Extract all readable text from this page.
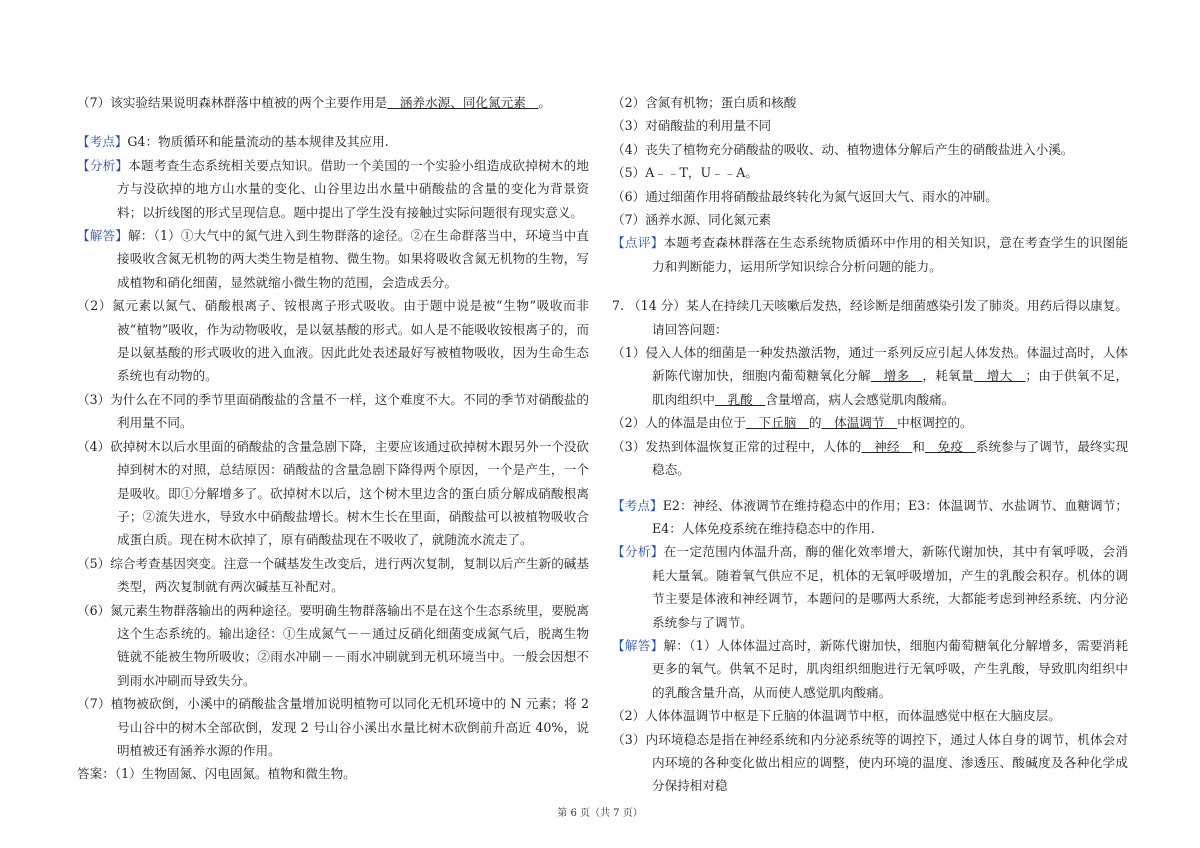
（7）该实验结果说明森林群落中植被的两个主要作用是　涵养水源、同化氮元素　。

【考点】G4：物质循环和能量流动的基本规律及其应用.

【分析】本题考查生态系统相关要点知识。借助一个美国的一个实验小组造成砍掉树木的地方与没砍掉的地方山水量的变化、山谷里边出水量中硝酸盐的含量的变化为背景资料；以折线图的形式呈现信息。题中提出了学生没有接触过实际问题很有现实意义。

【解答】解：（1）①大气中的氮气进入到生物群落的途径。②在生命群落当中，环境当中直接吸收含氮无机物的两大类生物是植物、微生物。如果将吸收含氮无机物的生物，写成植物和硝化细菌，显然就缩小微生物的范围，会造成丢分。

（2）氮元素以氮气、硝酸根离子、铵根离子形式吸收。由于题中说是被“生物”吸收而非被“植物”吸收，作为动物吸收，是以氨基酸的形式。如人是不能吸收铵根离子的，而是以氨基酸的形式吸收的进入血液。因此此处表述最好写被植物吸收，因为生命生态系统也有动物的。

（3）为什么在不同的季节里面硝酸盐的含量不一样，这个难度不大。不同的季节对硝酸盐的利用量不同。

（4）砍掉树木以后水里面的硝酸盐的含量急剧下降，主要应该通过砍掉树木跟另外一个没砍掉到树木的对照，总结原因：硝酸盐的含量急剧下降得两个原因，一个是产生，一个是吸收。即①分解增多了。砍掉树木以后，这个树木里边含的蛋白质分解成硝酸根离子；②流失进水，导致水中硝酸盐增长。树木生长在里面，硝酸盐可以被植物吸收合成蛋白质。现在树木砍掉了，原有硝酸盐现在不吸收了，就随流水流走了。

（5）综合考查基因突变。注意一个碱基发生改变后，进行两次复制，复制以后产生新的碱基类型，两次复制就有两次碱基互补配对。

（6）氮元素生物群落输出的两种途径。要明确生物群落输出不是在这个生态系统里，要脱离这个生态系统的。输出途径：①生成氮气－－通过反硝化细菌变成氮气后，脱离生物链就不能被生物所吸收；②雨水冲刷－－雨水冲刷就到无机环境当中。一般会因想不到雨水冲刷而导致失分。

（7）植物被砍倒，小溪中的硝酸盐含量增加说明植物可以同化无机环境中的 N 元素；将 2 号山谷中的树木全部砍倒，发现 2 号山谷小溪出水量比树木砍倒前升高近 40%，说明植被还有涵养水源的作用。

答案：（1）生物固氮、闪电固氮。植物和微生物。

（2）含氮有机物；蛋白质和核酸

（3）对硝酸盐的利用量不同

（4）丧失了植物充分硝酸盐的吸收、动、植物遗体分解后产生的硝酸盐进入小溪。

（5）A﹣﹣T，U﹣﹣A。

（6）通过细菌作用将硝酸盐最终转化为氮气返回大气、雨水的冲刷。

（7）涵养水源、同化氮元素

【点评】本题考查森林群落在生态系统物质循环中作用的相关知识，意在考查学生的识图能力和判断能力，运用所学知识综合分析问题的能力。

7. （14 分）某人在持续几天咳嗽后发热，经诊断是细菌感染引发了肺炎。用药后得以康复。请回答问题：

（1）侵入人体的细菌是一种发热激活物，通过一系列反应引起人体发热。体温过高时，人体新陈代谢加快，细胞内葡萄糖氧化分解　增多　，耗氧量　增大　；由于供氧不足，肌肉组织中　乳酸　含量增高，病人会感觉肌肉酸痛。

（2）人的体温是由位于　下丘脑　的　体温调节　中枢调控的。

（3）发热到体温恢复正常的过程中，人体的　神经　和　免疫　系统参与了调节，最终实现稳态。

【考点】E2：神经、体液调节在维持稳态中的作用；E3：体温调节、水盐调节、血糖调节；E4：人体免疫系统在维持稳态中的作用.

【分析】在一定范围内体温升高，酶的催化效率增大，新陈代谢加快，其中有氧呼吸，会消耗大量氧。随着氧气供应不足，机体的无氧呼吸增加，产生的乳酸会积存。机体的调节主要是体液和神经调节，本题问的是哪两大系统，大都能考虑到神经系统、内分泌系统参与了调节。

【解答】解：（1）人体体温过高时，新陈代谢加快，细胞内葡萄糖氧化分解增多，需要消耗更多的氧气。供氧不足时，肌肉组织细胞进行无氧呼吸，产生乳酸，导致肌肉组织中的乳酸含量升高，从而使人感觉肌肉酸痛。

（2）人体体温调节中枢是下丘脑的体温调节中枢，而体温感觉中枢在大脑皮层。

（3）内环境稳态是指在神经系统和内分泌系统等的调控下，通过人体自身的调节，机体会对内环境的各种变化做出相应的调整，使内环境的温度、渗透压、酸碱度及各种化学成分保持相对稳

第 6 页（共 7 页）
